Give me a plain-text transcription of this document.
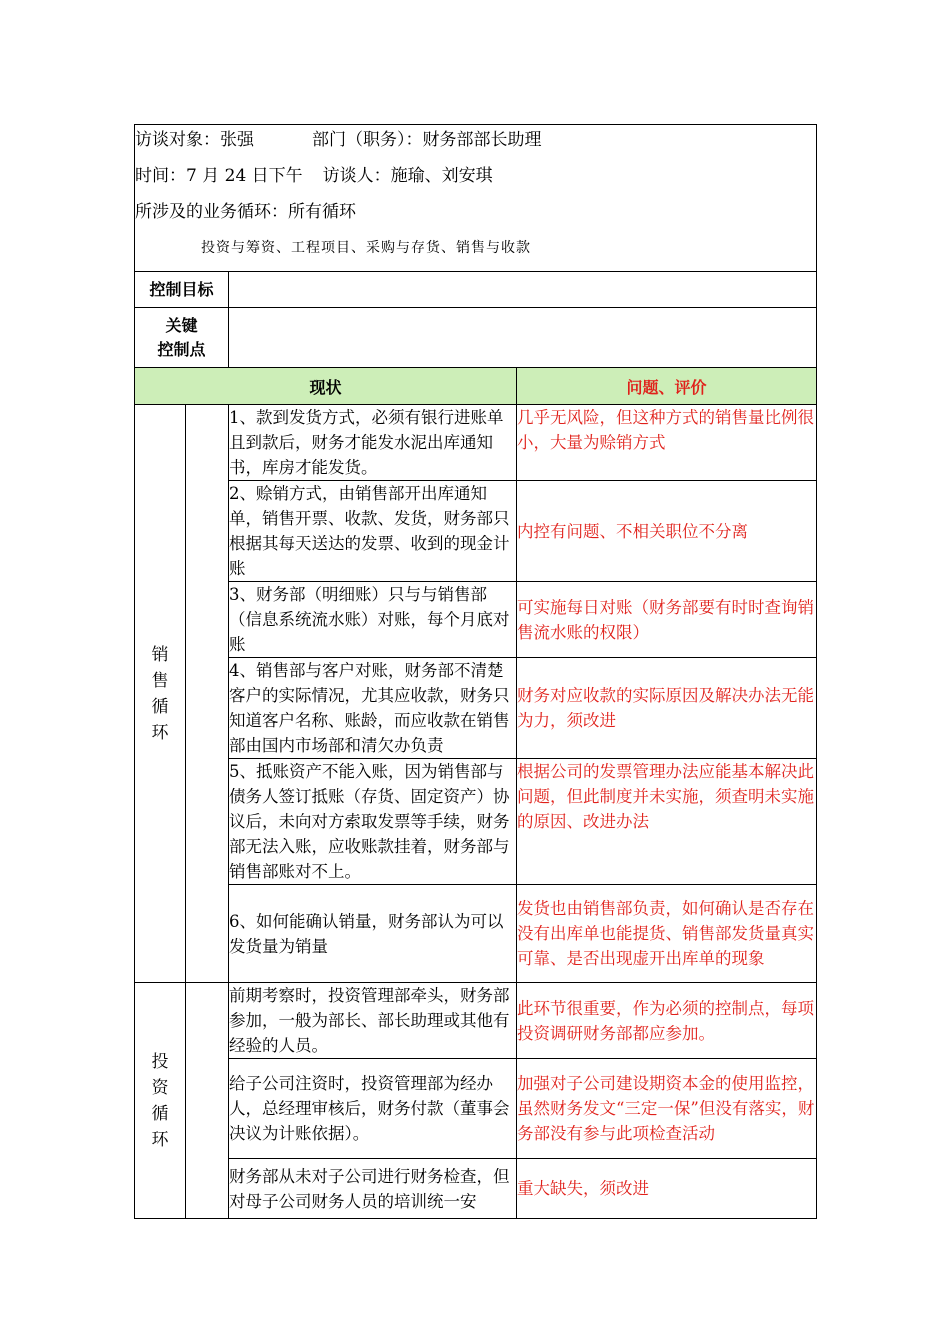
访谈对象：张强 部门（职务）：财务部部长助理
时间：7 月 24 日下午 访谈人：施瑜、刘安琪
所涉及的业务循环：所有循环
投资与筹资、工程项目、采购与存货、销售与收款			

控制目标			

关键
控制点			

现状			问题、评价

销
售
循
环		1、款到发货方式，必须有银行进账单且到款后，财务才能发水泥出库通知书，库房才能发货。	几乎无风险，但这种方式的销售量比例很小，大量为赊销方式
		2、赊销方式，由销售部开出库通知单，销售开票、收款、发货，财务部只根据其每天送达的发票、收到的现金计账	内控有问题、不相关职位不分离
		3、财务部（明细账）只与与销售部（信息系统流水账）对账，每个月底对账	可实施每日对账（财务部要有时时查询销售流水账的权限）
		4、销售部与客户对账，财务部不清楚客户的实际情况，尤其应收款，财务只知道客户名称、账龄，而应收款在销售部由国内市场部和清欠办负责	财务对应收款的实际原因及解决办法无能为力，须改进
		5、抵账资产不能入账，因为销售部与债务人签订抵账（存货、固定资产）协议后，未向对方索取发票等手续，财务部无法入账，应收账款挂着，财务部与销售部账对不上。	根据公司的发票管理办法应能基本解决此问题，但此制度并未实施，须查明未实施的原因、改进办法
		6、如何能确认销量，财务部认为可以发货量为销量	发货也由销售部负责，如何确认是否存在没有出库单也能提货、销售部发货量真实可靠、是否出现虚开出库单的现象

投
资
循
环		前期考察时，投资管理部牵头，财务部参加，一般为部长、部长助理或其他有经验的人员。	此环节很重要，作为必须的控制点，每项投资调研财务部都应参加。
		给子公司注资时，投资管理部为经办人，总经理审核后，财务付款（董事会决议为计账依据）。	加强对子公司建设期资本金的使用监控，虽然财务发文“三定一保”但没有落实，财务部没有参与此项检查活动
		财务部从未对子公司进行财务检查，但对母子公司财务人员的培训统一安	重大缺失，须改进
